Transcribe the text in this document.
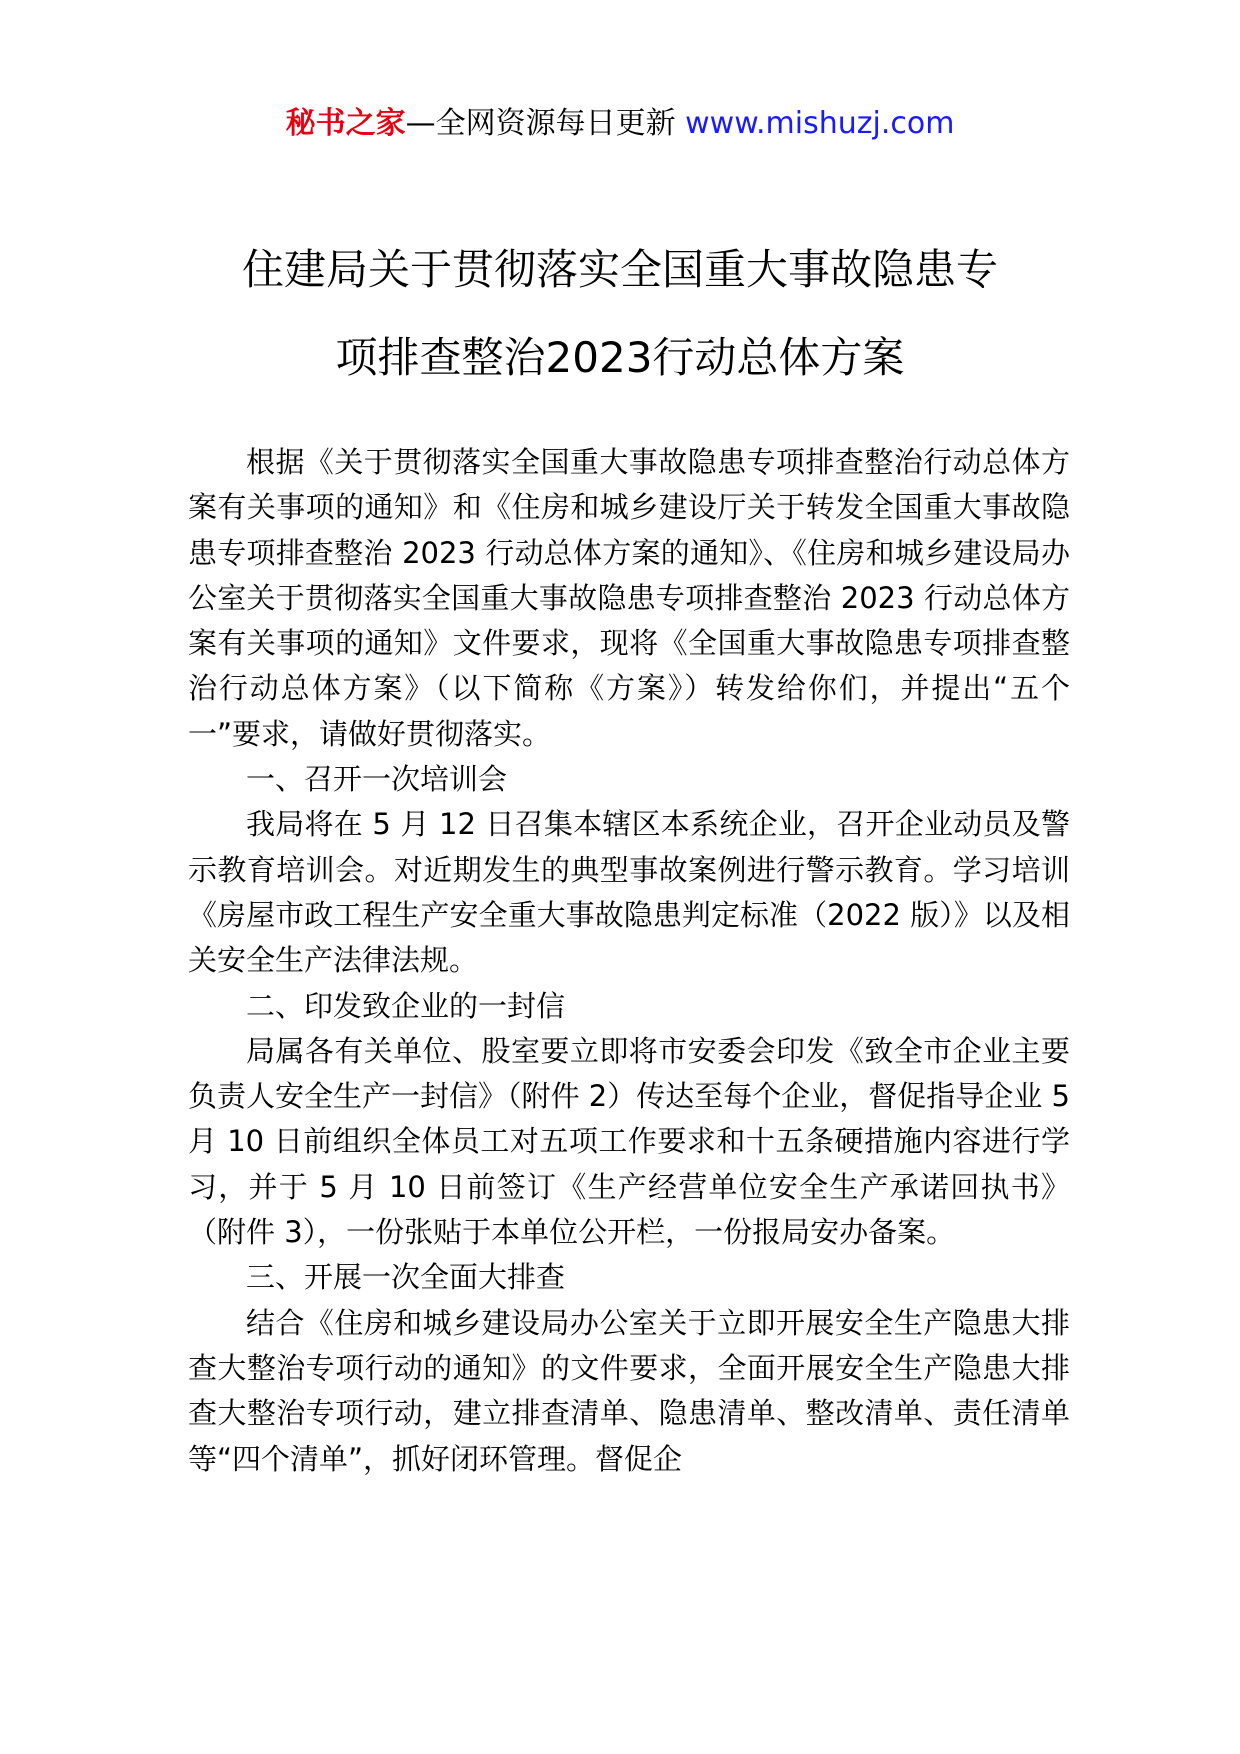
秘书之家—全网资源每日更新 www.mishuzj.com
住建局关于贯彻落实全国重大事故隐患专
项排查整治2023行动总体方案

根据《关于贯彻落实全国重大事故隐患专项排查整治行动总体方案有关事项的通知》和《住房和城乡建设厅关于转发全国重大事故隐患专项排查整治 2023 行动总体方案的通知》、《住房和城乡建设局办公室关于贯彻落实全国重大事故隐患专项排查整治 2023 行动总体方案有关事项的通知》文件要求，现将《全国重大事故隐患专项排查整治行动总体方案》（以下简称《方案》）转发给你们，并提出“五个一”要求，请做好贯彻落实。

一、召开一次培训会

我局将在 5 月 12 日召集本辖区本系统企业，召开企业动员及警示教育培训会。对近期发生的典型事故案例进行警示教育。学习培训《房屋市政工程生产安全重大事故隐患判定标准（2022 版）》以及相关安全生产法律法规。

二、印发致企业的一封信

局属各有关单位、股室要立即将市安委会印发《致全市企业主要负责人安全生产一封信》（附件 2）传达至每个企业，督促指导企业 5 月 10 日前组织全体员工对五项工作要求和十五条硬措施内容进行学习，并于 5 月 10 日前签订《生产经营单位安全生产承诺回执书》（附件 3），一份张贴于本单位公开栏，一份报局安办备案。

三、开展一次全面大排查

结合《住房和城乡建设局办公室关于立即开展安全生产隐患大排查大整治专项行动的通知》的文件要求，全面开展安全生产隐患大排查大整治专项行动，建立排查清单、隐患清单、整改清单、责任清单等“四个清单”，抓好闭环管理。督促企
